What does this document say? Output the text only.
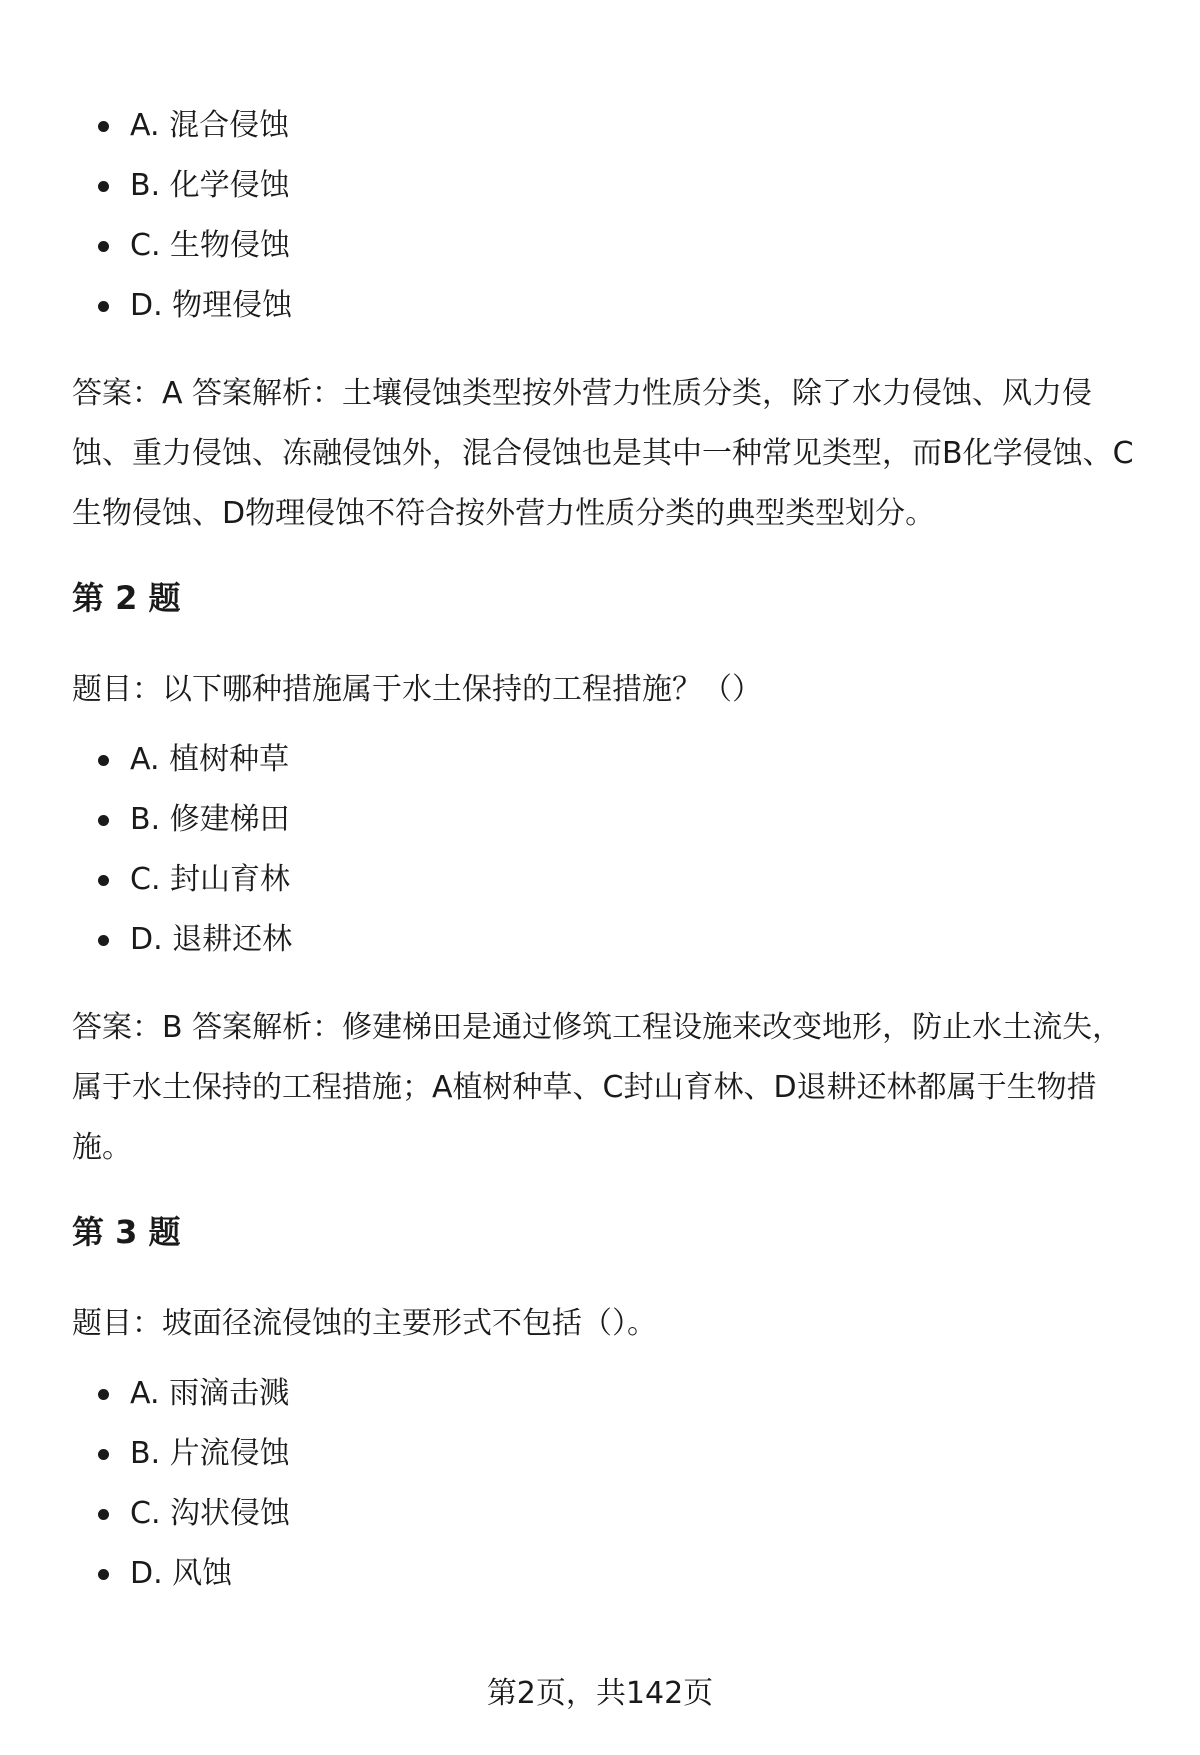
A. 混合侵蚀
B. 化学侵蚀
C. 生物侵蚀
D. 物理侵蚀

答案：A 答案解析：土壤侵蚀类型按外营力性质分类，除了水力侵蚀、风力侵蚀、重力侵蚀、冻融侵蚀外，混合侵蚀也是其中一种常见类型，而B化学侵蚀、C生物侵蚀、D物理侵蚀不符合按外营力性质分类的典型类型划分。

第 2 题

题目：以下哪种措施属于水土保持的工程措施？（）

A. 植树种草
B. 修建梯田
C. 封山育林
D. 退耕还林

答案：B 答案解析：修建梯田是通过修筑工程设施来改变地形，防止水土流失，属于水土保持的工程措施；A植树种草、C封山育林、D退耕还林都属于生物措施。

第 3 题

题目：坡面径流侵蚀的主要形式不包括（）。

A. 雨滴击溅
B. 片流侵蚀
C. 沟状侵蚀
D. 风蚀
第2页，共142页
